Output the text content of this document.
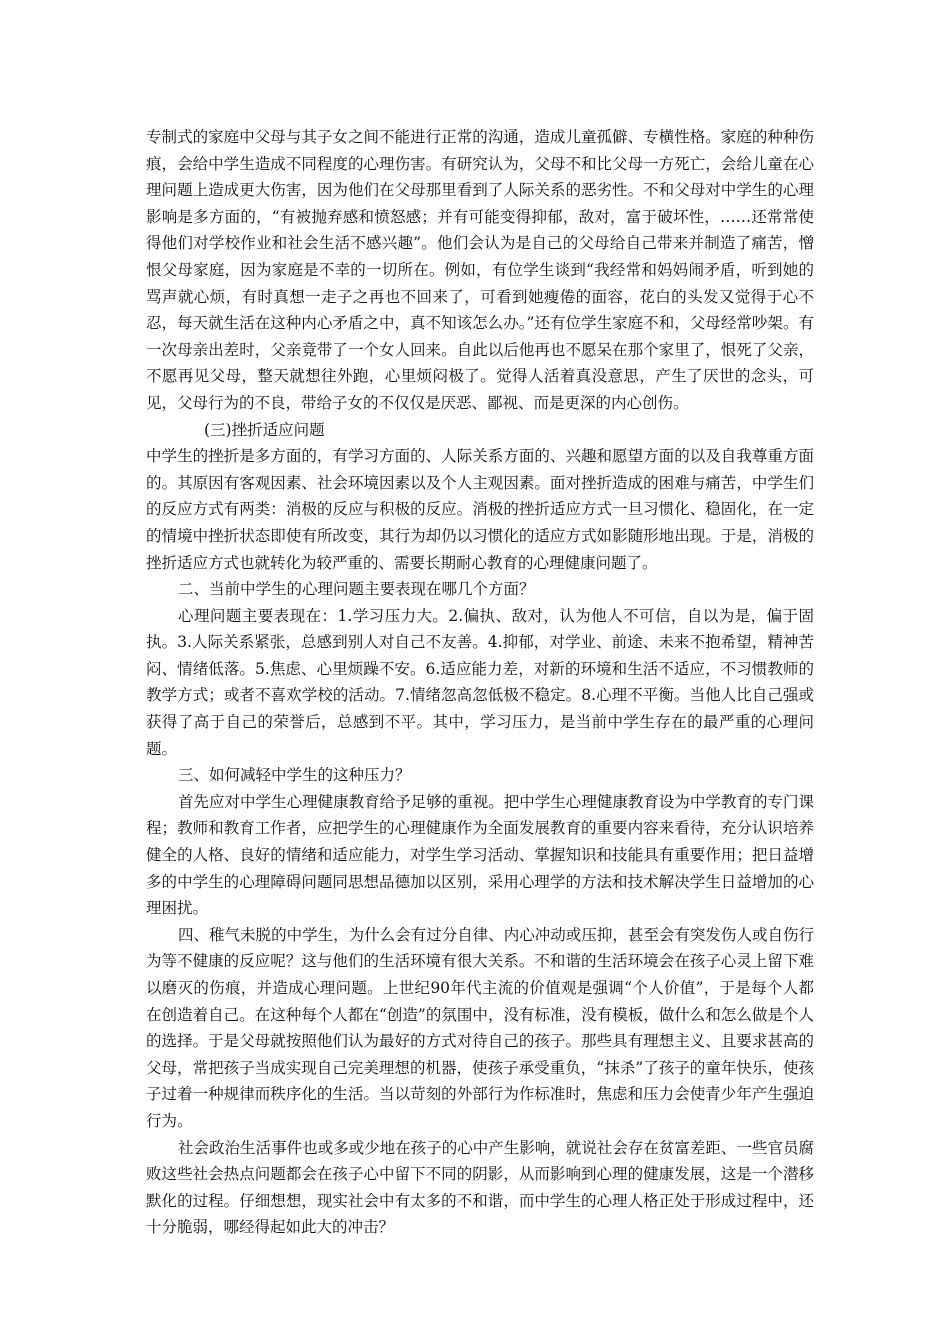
专制式的家庭中父母与其子女之间不能进行正常的沟通，造成儿童孤僻、专横性格。家庭的种种伤痕，会给中学生造成不同程度的心理伤害。有研究认为，父母不和比父母一方死亡，会给儿童在心理问题上造成更大伤害，因为他们在父母那里看到了人际关系的恶劣性。不和父母对中学生的心理影响是多方面的，“有被抛弃感和愤怒感；并有可能变得抑郁，敌对，富于破坏性，……还常常使得他们对学校作业和社会生活不感兴趣”。他们会认为是自己的父母给自己带来并制造了痛苦，憎恨父母家庭，因为家庭是不幸的一切所在。例如，有位学生谈到“我经常和妈妈闹矛盾，听到她的骂声就心烦，有时真想一走子之再也不回来了，可看到她瘦倦的面容，花白的头发又觉得于心不忍，每天就生活在这种内心矛盾之中，真不知该怎么办。”还有位学生家庭不和，父母经常吵架。有一次母亲出差时，父亲竟带了一个女人回来。自此以后他再也不愿呆在那个家里了，恨死了父亲，不愿再见父母，整天就想往外跑，心里烦闷极了。觉得人活着真没意思，产生了厌世的念头，可见，父母行为的不良，带给子女的不仅仅是厌恶、鄙视、而是更深的内心创伤。

(三)挫折适应问题

中学生的挫折是多方面的，有学习方面的、人际关系方面的、兴趣和愿望方面的以及自我尊重方面的。其原因有客观因素、社会环境因素以及个人主观因素。面对挫折造成的困难与痛苦，中学生们的反应方式有两类：消极的反应与积极的反应。消极的挫折适应方式一旦习惯化、稳固化，在一定的情境中挫折状态即使有所改变，其行为却仍以习惯化的适应方式如影随形地出现。于是，消极的挫折适应方式也就转化为较严重的、需要长期耐心教育的心理健康问题了。

二、当前中学生的心理问题主要表现在哪几个方面？

心理问题主要表现在：1.学习压力大。2.偏执、敌对，认为他人不可信，自以为是，偏于固执。3.人际关系紧张，总感到别人对自己不友善。4.抑郁，对学业、前途、未来不抱希望，精神苦闷、情绪低落。5.焦虑、心里烦躁不安。6.适应能力差，对新的环境和生活不适应，不习惯教师的教学方式；或者不喜欢学校的活动。7.情绪忽高忽低极不稳定。8.心理不平衡。当他人比自己强或获得了高于自己的荣誉后，总感到不平。其中，学习压力，是当前中学生存在的最严重的心理问题。

三、如何减轻中学生的这种压力？

首先应对中学生心理健康教育给予足够的重视。把中学生心理健康教育设为中学教育的专门课程；教师和教育工作者，应把学生的心理健康作为全面发展教育的重要内容来看待，充分认识培养健全的人格、良好的情绪和适应能力，对学生学习活动、掌握知识和技能具有重要作用；把日益增多的中学生的心理障碍问题同思想品德加以区别，采用心理学的方法和技术解决学生日益增加的心理困扰。

四、稚气未脱的中学生，为什么会有过分自律、内心冲动或压抑，甚至会有突发伤人或自伤行为等不健康的反应呢？这与他们的生活环境有很大关系。不和谐的生活环境会在孩子心灵上留下难以磨灭的伤痕，并造成心理问题。上世纪90年代主流的价值观是强调“个人价值”，于是每个人都在创造着自己。在这种每个人都在“创造”的氛围中，没有标准，没有模板，做什么和怎么做是个人的选择。于是父母就按照他们认为最好的方式对待自己的孩子。那些具有理想主义、且要求甚高的父母，常把孩子当成实现自己完美理想的机器，使孩子承受重负，“抹杀”了孩子的童年快乐，使孩子过着一种规律而秩序化的生活。当以苛刻的外部行为作标准时，焦虑和压力会使青少年产生强迫行为。

社会政治生活事件也或多或少地在孩子的心中产生影响，就说社会存在贫富差距、一些官员腐败这些社会热点问题都会在孩子心中留下不同的阴影，从而影响到心理的健康发展，这是一个潜移默化的过程。仔细想想，现实社会中有太多的不和谐，而中学生的心理人格正处于形成过程中，还十分脆弱，哪经得起如此大的冲击？
